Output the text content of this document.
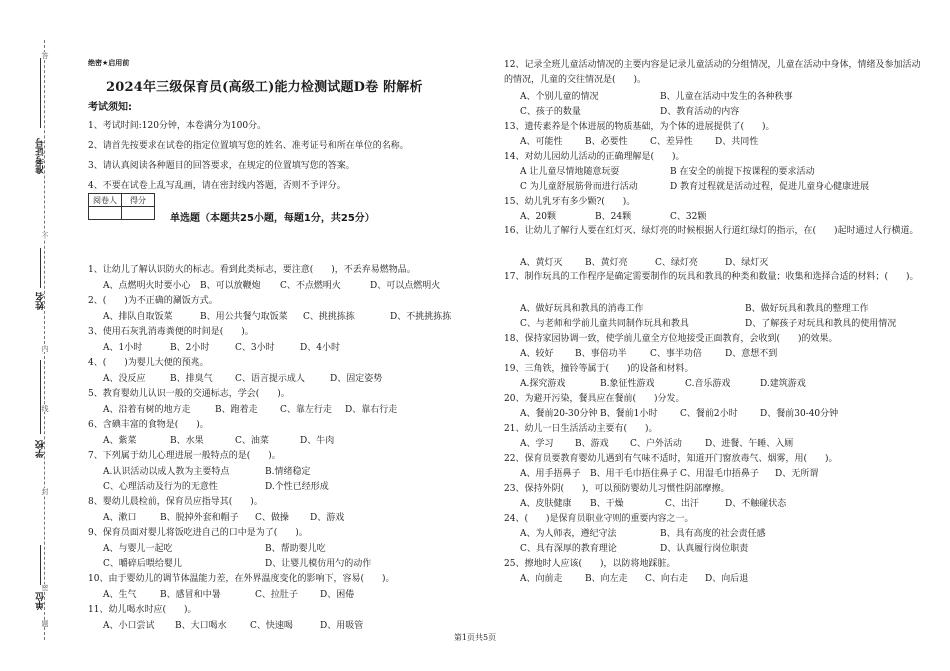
答
准考证号
不
姓名
内
线
学校
封
密
单位
题
绝密★启用前
2024年三级保育员(高级工)能力检测试题D卷 附解析
考试须知:
1、考试时间:120分钟，本卷满分为100分。
2、请首先按要求在试卷的指定位置填写您的姓名、准考证号和所在单位的名称。
3、请认真阅读各种题目的回答要求，在规定的位置填写您的答案。
4、不要在试卷上乱写乱画，请在密封线内答题，否则不予评分。
阅卷人	得分

单选题（本题共25小题，每题1分，共25分）
1、让幼儿了解认识防火的标志。看到此类标志，要注意(　　)，不丢弃易燃物品。
A、点燃明火时要小心 B、可以放鞭炮 C、不点燃明火	D、可以点燃明火
2、(　　)为不正确的涮饭方式。
A、排队自取饭菜	B、用公共餐勺取饭菜 C、挑挑拣拣	D、不挑挑拣拣
3、使用石灰乳消毒粪便的时间是(　　)。
A、1小时	B、2小时	C、3小时	D、4小时
4、(　　)为婴儿大便的预兆。
A、没反应	B、排臭气 C、语言提示成人	D、固定姿势
5、教育婴幼儿认识一般的交通标志，学会(　　)。
A、沿着有树的地方走	B、跑着走 C、靠左行走 D、靠右行走
6、含碘丰富的食物是(　　)。
A、紫菜	B、水果	C、油菜	D、牛肉
7、下列属于幼儿心理进展一般特点的是(　　)。
A.认识活动以成人教为主要特点	B.情绪稳定
C、心理活动及行为的无意性	D.个性已经形成
8、婴幼儿晨检前，保育员应指导其(　　)。
A、漱口	B、脱掉外套和帽子 C、做操 D、游戏
9、保育员面对婴儿将饭吃进自己的口中是为了(　　)。
A、与婴儿一起吃	B、帮助婴儿吃
C、嚼碎后喂给婴儿	D、让婴儿模仿用勺的动作
10、由于婴幼儿的调节体温能力差，在外界温度变化的影响下，容易(　　)。
A、生气	B、感冒和中暑	C、拉肚子 D、困倦
11、幼儿喝水时应(　　)。
A、小口尝试 B、大口喝水	C、快速喝	D、用吸管
12、记录全班儿童活动情况的主要内容是记录儿童活动的分组情况，儿童在活动中身体，情绪及参加活动的情况，儿童的交往情况是(　　)。
A、个别儿童的情况	B、儿童在活动中发生的各种秩事
C、孩子的数量	D、教育活动的内容
13、遗传素养是个体进展的物质基础，为个体的进展提供了(　　)。
A、可能性	B、必要性 C、差异性 D、共同性
14、对幼儿园幼儿活动的正确理解是(　　)。
A 让儿童尽情地随意玩耍	B 在安全的前提下按课程的要求活动
C 为儿童舒展筋骨而进行活动	D 教育过程就是活动过程，促进儿童身心健康进展
15、幼儿乳牙有多少颗?(　　)。
A、20颗	B、24颗	C、32颗
16、让幼儿了解行人要在红灯灭、绿灯亮的时候根据人行道红绿灯的指示，在(　　)起时通过人行横道。
A、黄灯灭	B、黄灯亮	C、绿灯亮	D、绿灯灭
17、制作玩具的工作程序是确定需要制作的玩具和教具的种类和数量；收集和选择合适的材料；(　　)。
A、做好玩具和教具的消毒工作	B、做好玩具和教具的整理工作
C、与老师和学前儿童共同制作玩具和教具	D、了解孩子对玩具和教具的使用情况
18、保持家园协调一致，使学前儿童全方位地接受正面教育，会收到(　　)的效果。
A、较好 B、事倍功半	C、事半功倍	D、意想不到
19、三角铁，撞铃等属于(　　)的设备和材料。
A.探究游戏	B.象征性游戏	C.音乐游戏	D.建筑游戏
20、为避开污染，餐具应在餐前(　　)分发。
A、餐前20-30分钟 B、餐前1小时	C、餐前2小时 D、餐前30-40分钟
21、幼儿一日生活活动主要有(　　)。
A、学习 B、游戏 C、户外活动	D、进餐、午睡、入厕
22、保育员要教育婴幼儿遇到有气味不适时，知道开门窗放毒气、烟雾，用(　　)。
A、用手捂鼻子 B、用干毛巾捂住鼻子 C、用湿毛巾捂鼻子 D、无所谓
23、保持外阴(　　)，可以预防婴幼儿习惯性阴部摩擦。
A、皮肤健康 B、干燥	C、出汗	D、不触碰状态
24、(　　)是保育员职业守则的重要内容之一。
A、为人师表，遵纪守法	B、具有高度的社会责任感
C、具有深厚的教育理论	D、认真履行岗位职责
25、擦地时人应该(　　)，以防将地踩脏。
A、向前走	B、向左走 C、向右走 D、向后退
第1页共5页
